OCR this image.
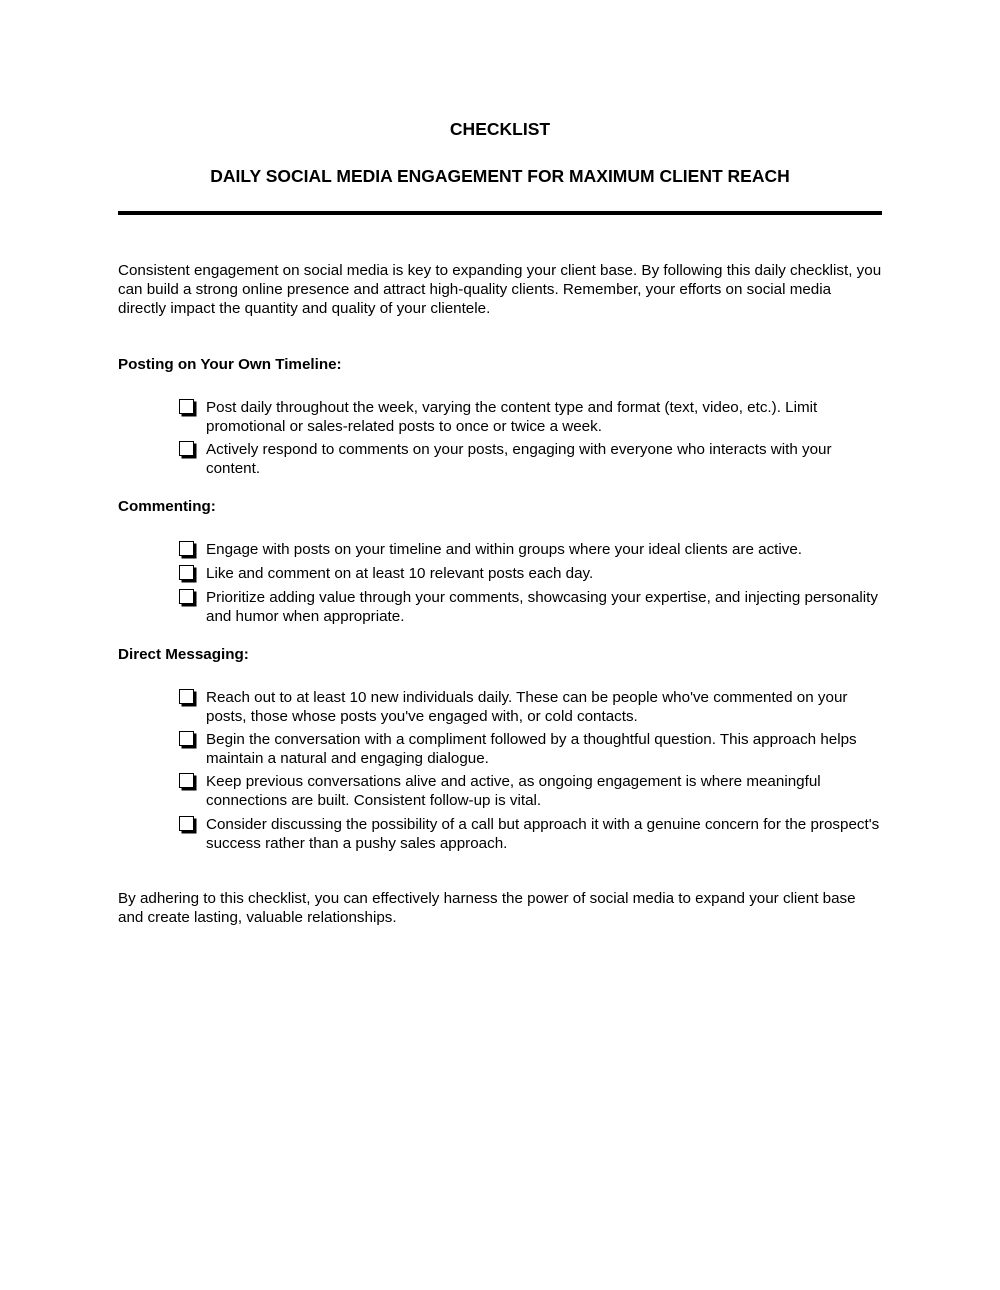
CHECKLIST
DAILY SOCIAL MEDIA ENGAGEMENT FOR MAXIMUM CLIENT REACH
Consistent engagement on social media is key to expanding your client base. By following this daily checklist, you can build a strong online presence and attract high-quality clients. Remember, your efforts on social media directly impact the quantity and quality of your clientele.
Posting on Your Own Timeline:
Post daily throughout the week, varying the content type and format (text, video, etc.). Limit promotional or sales-related posts to once or twice a week.
Actively respond to comments on your posts, engaging with everyone who interacts with your content.
Commenting:
Engage with posts on your timeline and within groups where your ideal clients are active.
Like and comment on at least 10 relevant posts each day.
Prioritize adding value through your comments, showcasing your expertise, and injecting personality and humor when appropriate.
Direct Messaging:
Reach out to at least 10 new individuals daily. These can be people who've commented on your posts, those whose posts you've engaged with, or cold contacts.
Begin the conversation with a compliment followed by a thoughtful question. This approach helps maintain a natural and engaging dialogue.
Keep previous conversations alive and active, as ongoing engagement is where meaningful connections are built. Consistent follow-up is vital.
Consider discussing the possibility of a call but approach it with a genuine concern for the prospect's success rather than a pushy sales approach.
By adhering to this checklist, you can effectively harness the power of social media to expand your client base and create lasting, valuable relationships.
